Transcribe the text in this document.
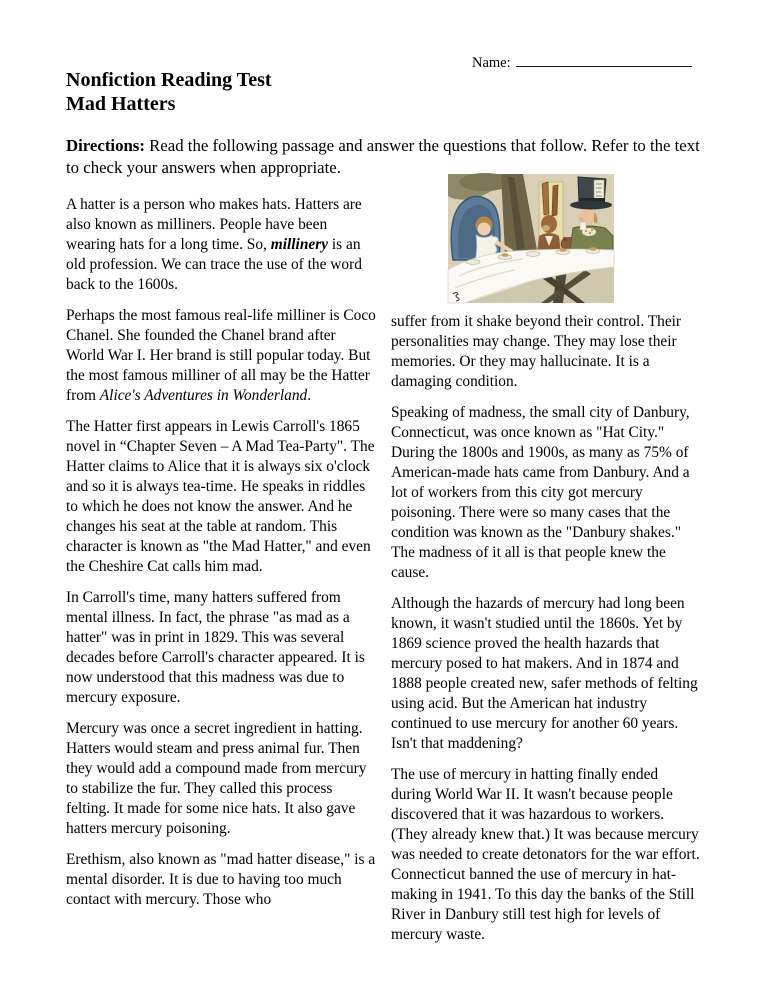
Name:
Nonfiction Reading Test
Mad Hatters

Directions: Read the following passage and answer the questions that follow. Refer to the text to check your answers when appropriate.

A hatter is a person who makes hats. Hatters are also known as milliners. People have been wearing hats for a long time. So, millinery is an old profession. We can trace the use of the word back to the 1600s.

Perhaps the most famous real-life milliner is Coco Chanel. She founded the Chanel brand after World War I. Her brand is still popular today. But the most famous milliner of all may be the Hatter from Alice's Adventures in Wonderland.

The Hatter first appears in Lewis Carroll's 1865 novel in “Chapter Seven – A Mad Tea-Party". The Hatter claims to Alice that it is always six o'clock and so it is always tea-time. He speaks in riddles to which he does not know the answer. And he changes his seat at the table at random. This character is known as "the Mad Hatter," and even the Cheshire Cat calls him mad.

In Carroll's time, many hatters suffered from mental illness. In fact, the phrase "as mad as a hatter" was in print in 1829. This was several decades before Carroll's character appeared. It is now understood that this madness was due to mercury exposure.

Mercury was once a secret ingredient in hatting. Hatters would steam and press animal fur. Then they would add a compound made from mercury to stabilize the fur. They called this process felting. It made for some nice hats. It also gave hatters mercury poisoning.

Erethism, also known as "mad hatter disease," is a mental disorder. It is due to having too much contact with mercury. Those who

suffer from it shake beyond their control. Their personalities may change. They may lose their memories. Or they may hallucinate. It is a damaging condition.

Speaking of madness, the small city of Danbury, Connecticut, was once known as "Hat City." During the 1800s and 1900s, as many as 75% of American-made hats came from Danbury. And a lot of workers from this city got mercury poisoning. There were so many cases that the condition was known as the "Danbury shakes." The madness of it all is that people knew the cause.

Although the hazards of mercury had long been known, it wasn't studied until the 1860s. Yet by 1869 science proved the health hazards that mercury posed to hat makers. And in 1874 and 1888 people created new, safer methods of felting using acid. But the American hat industry continued to use mercury for another 60 years. Isn't that maddening?

The use of mercury in hatting finally ended during World War II. It wasn't because people discovered that it was hazardous to workers. (They already knew that.) It was because mercury was needed to create detonators for the war effort. Connecticut banned the use of mercury in hat-making in 1941. To this day the banks of the Still River in Danbury still test high for levels of mercury waste.
